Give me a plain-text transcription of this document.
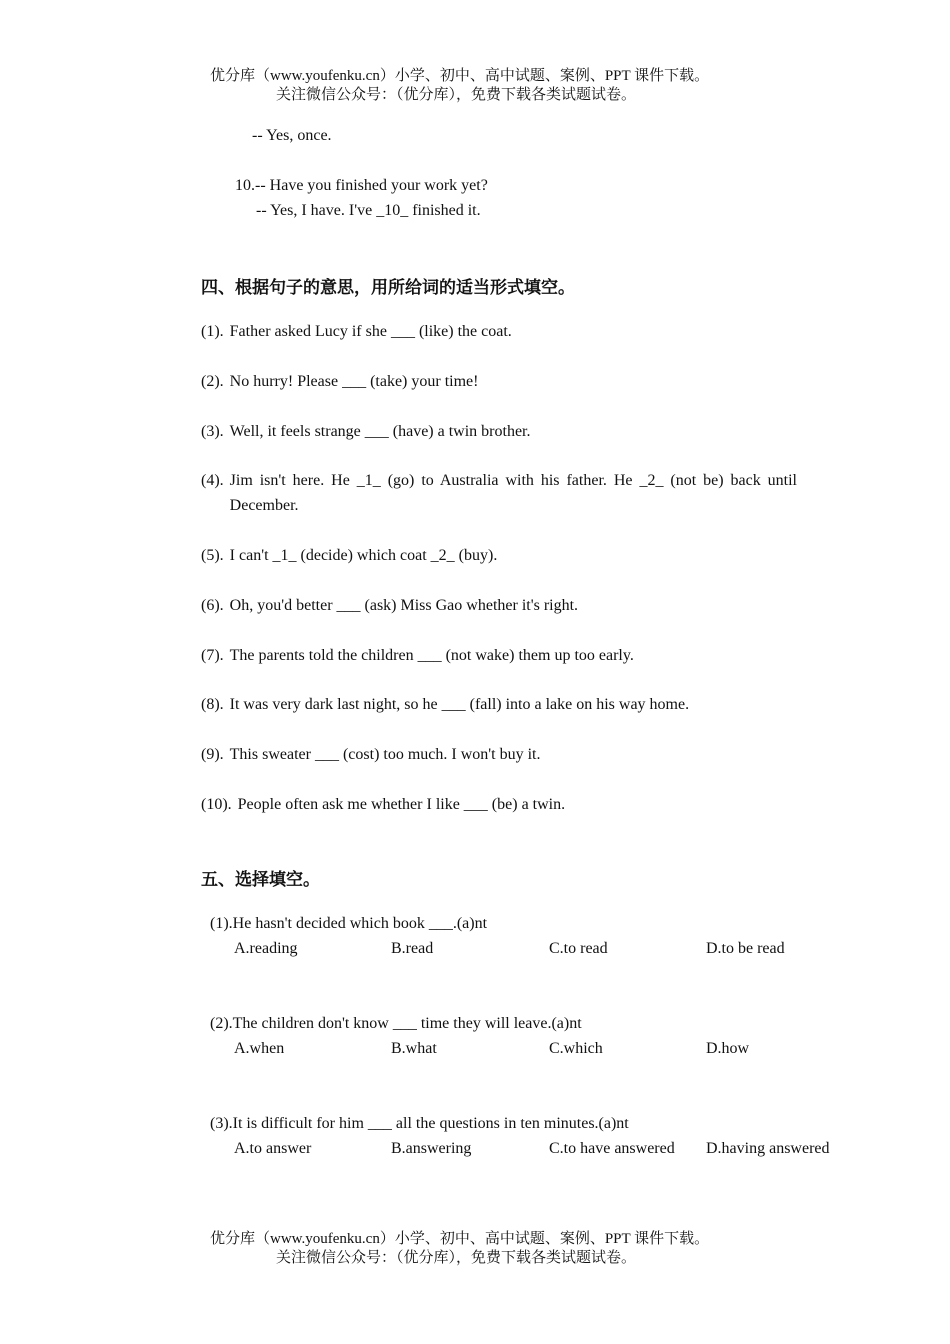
优分库（www.youfenku.cn）小学、初中、高中试题、案例、PPT 课件下载。
关注微信公众号：（优分库），免费下载各类试题试卷。
-- Yes, once.
10.-- Have you finished your work yet?
-- Yes, I have. I've _10_ finished it.
四、根据句子的意思，用所给词的适当形式填空。
(1). Father asked Lucy if she ___ (like) the coat.
(2). No hurry! Please ___ (take) your time!
(3). Well, it feels strange ___ (have) a twin brother.
(4). Jim isn't here. He _1_ (go) to Australia with his father. He _2_ (not be) back until December.
(5). I can't _1_ (decide) which coat _2_ (buy).
(6). Oh, you'd better ___ (ask) Miss Gao whether it's right.
(7). The parents told the children ___ (not wake) them up too early.
(8). It was very dark last night, so he ___ (fall) into a lake on his way home.
(9). This sweater ___ (cost) too much. I won't buy it.
(10). People often ask me whether I like ___ (be) a twin.
五、选择填空。
(1).He hasn't decided which book ___.(a)nt
A.reading	B.read	C.to read	D.to be read
(2).The children don't know ___ time they will leave.(a)nt
A.when	B.what	C.which	D.how
(3).It is difficult for him ___ all the questions in ten minutes.(a)nt
A.to answer	B.answering	C.to have answered D.having answered
优分库（www.youfenku.cn）小学、初中、高中试题、案例、PPT 课件下载。
关注微信公众号：（优分库），免费下载各类试题试卷。
